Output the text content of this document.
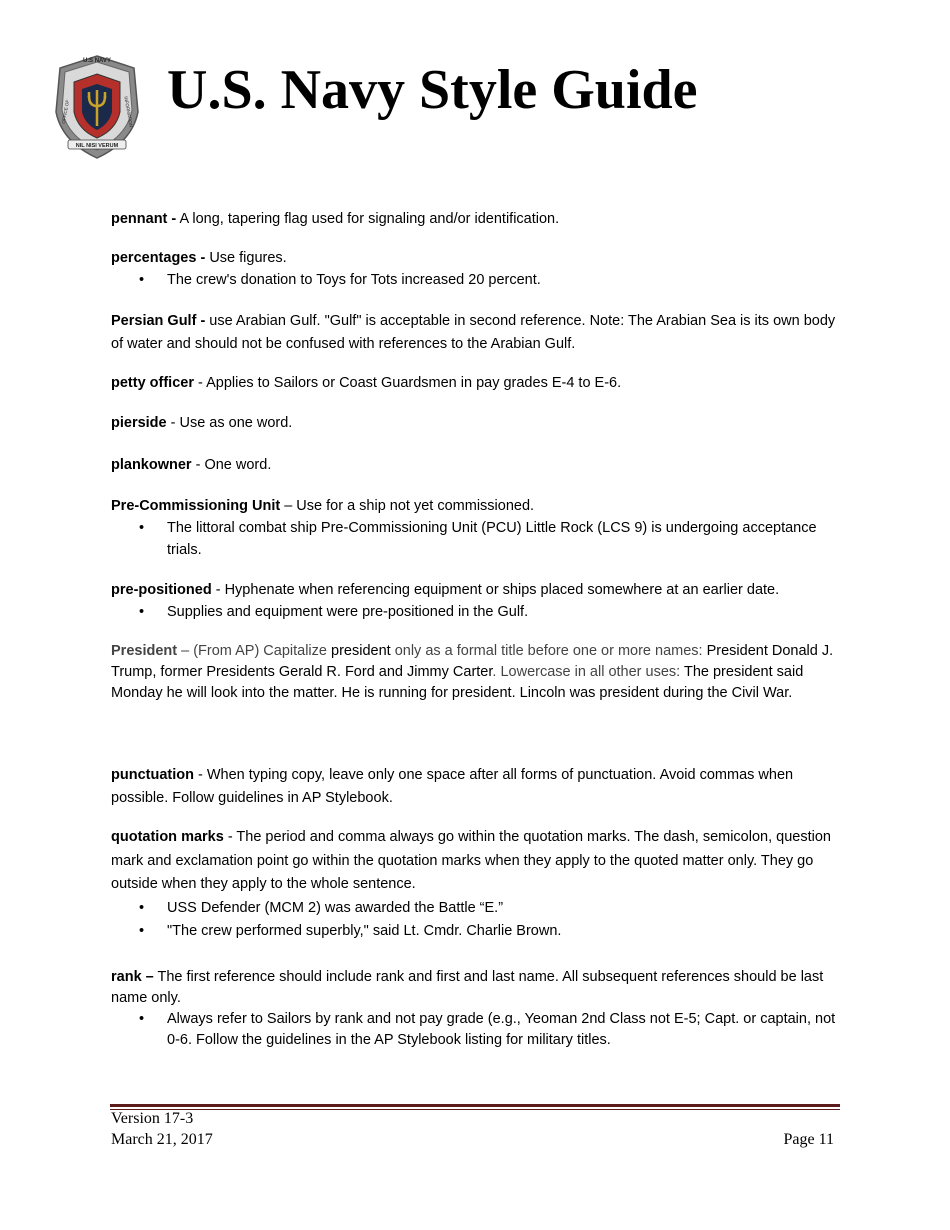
U.S NAVY
OFFICE OF	INFORMATION
NIL NISI VERUM
U.S. Navy Style Guide
pennant - A long, tapering flag used for signaling and/or identification.
percentages - Use figures.
• The crew's donation to Toys for Tots increased 20 percent.
Persian Gulf - use Arabian Gulf. "Gulf" is acceptable in second reference. Note: The Arabian Sea is its own body of water and should not be confused with references to the Arabian Gulf.
petty officer - Applies to Sailors or Coast Guardsmen in pay grades E-4 to E-6.
pierside - Use as one word.
plankowner - One word.
Pre-Commissioning Unit – Use for a ship not yet commissioned.
• The littoral combat ship Pre-Commissioning Unit (PCU) Little Rock (LCS 9) is undergoing acceptance trials.
pre-positioned - Hyphenate when referencing equipment or ships placed somewhere at an earlier date.
• Supplies and equipment were pre-positioned in the Gulf.
President – (From AP) Capitalize president only as a formal title before one or more names: President Donald J. Trump, former Presidents Gerald R. Ford and Jimmy Carter. Lowercase in all other uses: The president said Monday he will look into the matter. He is running for president. Lincoln was president during the Civil War.
punctuation - When typing copy, leave only one space after all forms of punctuation. Avoid commas when possible. Follow guidelines in AP Stylebook.
quotation marks - The period and comma always go within the quotation marks. The dash, semicolon, question mark and exclamation point go within the quotation marks when they apply to the quoted matter only. They go outside when they apply to the whole sentence.
• USS Defender (MCM 2) was awarded the Battle “E.”
• "The crew performed superbly," said Lt. Cmdr. Charlie Brown.
rank – The first reference should include rank and first and last name. All subsequent references should be last name only.
• Always refer to Sailors by rank and not pay grade (e.g., Yeoman 2nd Class not E-5; Capt. or captain, not 0-6. Follow the guidelines in the AP Stylebook listing for military titles.
Version 17-3
March 21, 2017	Page 11
